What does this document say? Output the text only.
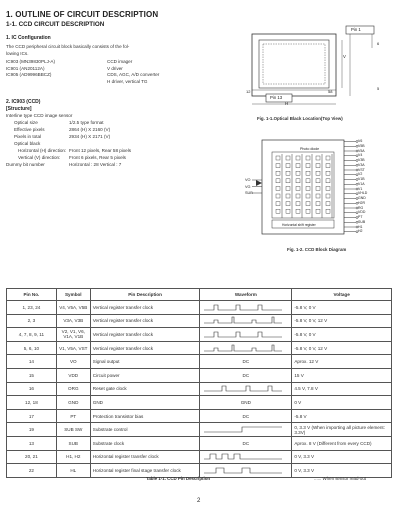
1. OUTLINE OF CIRCUIT DESCRIPTION
1-1. CCD CIRCUIT DESCRIPTION
1. IC Configuration
The CCD peripheral circuit block basically consists of the fol-
lowing ICs.
IC903 (MN39830PLJ-A)	CCD imager
IC901 (AN20112A)	V driver
IC905 (AD9996BBCZ)	CDS, AGC, A/D converter
H driver, vertical TG
2. IC903 (CCD)
[Structure]
Interline type CCD image sensor
Optical size	1/2.5 type format
Effective pixels	2864 (H) X 2160 (V)
Pixels in total	2934 (H) X 2171 (V)
Optical black
Horizontal (H) direction: Front 12 pixels, Rear 58 pixels
Vertical (V) direction: Front 6 pixels, Rear 5 pixels
Dummy bit number	Horizontal : 28 Vertical : 7
Pin 1
Pin 13
V
H
12	58
6
5
Fig. 1-1.Optical Black Location(Top View)
Photo diode
Horizontal shift register
VO
VG
SUB
V6
V5B
V5A
V4
V3B
V3A
VST
V2
V1B
V1A
V1
VHLD
GND
H2R
RG
VDD
PT
SUB
H1
H2
Fig. 1-2. CCD Block Diagram
Pin No.	Symbol	Pin Description	Waveform	Voltage
1, 23, 24	V4, V5A, V5B	Vertical register transfer clock		-5.8 V, 0 V
2, 3	V3A, V3B	Vertical register transfer clock		-5.8 V, 0 V, 12 V
4, 7, 8, 9, 11	V2, V1, V6, V1A, V1B	Vertical register transfer clock		-5.8 V, 0 V
5, 6, 10	V1, V5A, VST	Vertical register transfer clock		-5.8 V, 0 V, 12 V
14	VO	Signal output	DC	Aprox. 12 V
15	VDD	Circuit power	DC	15 V
16	ORG	Reset gate clock		4.5 V, 7.8 V
12, 18	GND	GND	GND	0 V
17	PT	Protection transistor bias	DC	-5.8 V
19	SUB SW	Substrate control		0, 3.3 V (When importing all picture element: 3.3V)
13	SUB	Substrate clock	DC	Aprox. 8 V (Different from every CCD)
20, 21	H1, H2	Horizontal register transfer clock		0 V, 3.3 V
22	HL	Horizontal register final stage transfer clock		0 V, 3.3 V
Table 1-1. CCD Pin Description	...... When sensor read-out
2
